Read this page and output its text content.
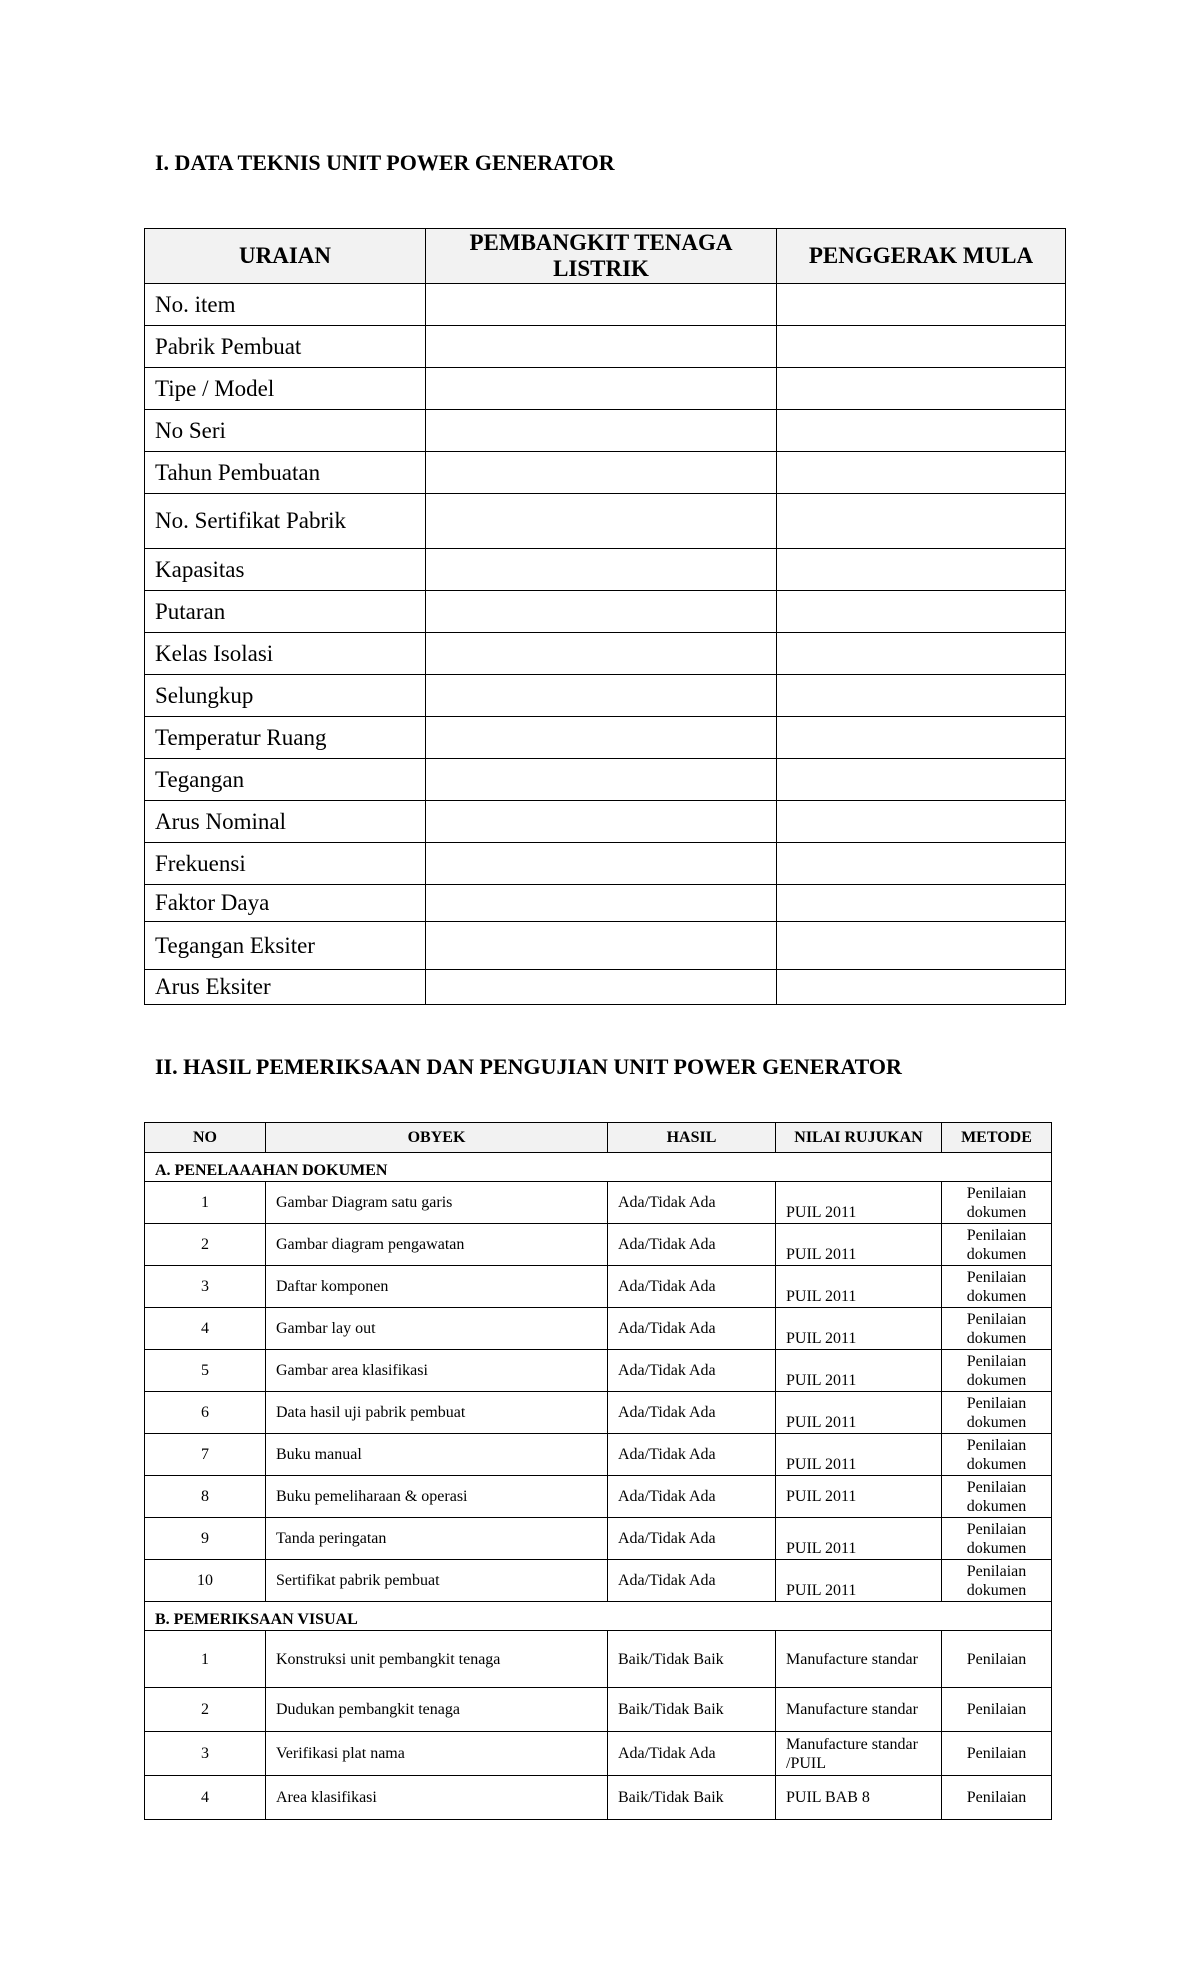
I. DATA TEKNIS UNIT POWER GENERATOR
URAIAN	PEMBANGKIT TENAGA LISTRIK	PENGGERAK MULA
No. item		
Pabrik Pembuat		
Tipe / Model		
No Seri		
Tahun Pembuatan		
No. Sertifikat Pabrik		
Kapasitas		
Putaran		
Kelas Isolasi		
Selungkup		
Temperatur Ruang		
Tegangan		
Arus Nominal		
Frekuensi		
Faktor Daya		
Tegangan Eksiter		
Arus Eksiter		
II. HASIL PEMERIKSAAN DAN PENGUJIAN UNIT POWER GENERATOR
NO	OBYEK	HASIL	NILAI RUJUKAN	METODE
A. PENELAAAHAN DOKUMEN				
1	Gambar Diagram satu garis	Ada/Tidak Ada	PUIL 2011	Penilaian dokumen
2	Gambar diagram pengawatan	Ada/Tidak Ada	PUIL 2011	Penilaian dokumen
3	Daftar komponen	Ada/Tidak Ada	PUIL 2011	Penilaian dokumen
4	Gambar lay out	Ada/Tidak Ada	PUIL 2011	Penilaian dokumen
5	Gambar area klasifikasi	Ada/Tidak Ada	PUIL 2011	Penilaian dokumen
6	Data hasil uji pabrik pembuat	Ada/Tidak Ada	PUIL 2011	Penilaian dokumen
7	Buku manual	Ada/Tidak Ada	PUIL 2011	Penilaian dokumen
8	Buku pemeliharaan & operasi	Ada/Tidak Ada	PUIL 2011	Penilaian dokumen
9	Tanda peringatan	Ada/Tidak Ada	PUIL 2011	Penilaian dokumen
10	Sertifikat pabrik pembuat	Ada/Tidak Ada	PUIL 2011	Penilaian dokumen
B. PEMERIKSAAN VISUAL				
1	Konstruksi unit pembangkit tenaga	Baik/Tidak Baik	Manufacture standar	Penilaian
2	Dudukan pembangkit tenaga	Baik/Tidak Baik	Manufacture standar	Penilaian
3	Verifikasi plat nama	Ada/Tidak Ada	Manufacture standar /PUIL	Penilaian
4	Area klasifikasi	Baik/Tidak Baik	PUIL BAB 8	Penilaian
